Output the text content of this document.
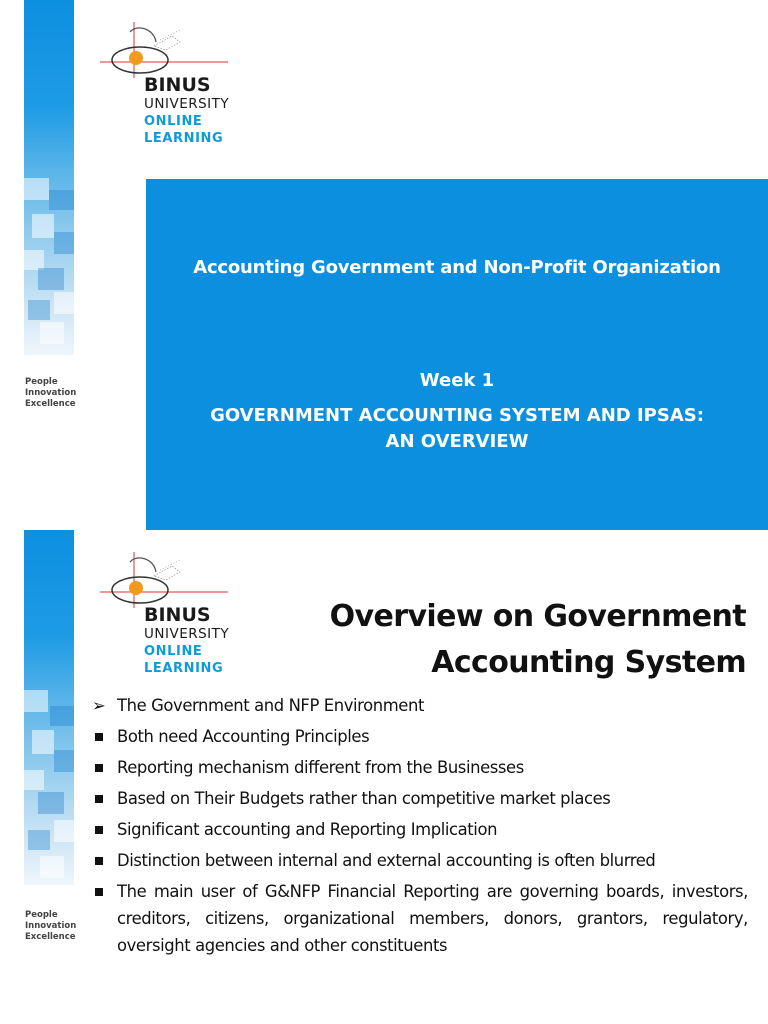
People
Innovation
Excellence
BINUS
UNIVERSITY
ONLINE
LEARNING
Accounting Government and Non-Profit Organization
Week 1
GOVERNMENT ACCOUNTING SYSTEM AND IPSAS:
AN OVERVIEW
People
Innovation
Excellence
BINUS
UNIVERSITY
ONLINE
LEARNING
Overview on Government
Accounting System
➢ The Government and NFP Environment
Both need Accounting Principles
Reporting mechanism different from the Businesses
Based on Their Budgets rather than competitive market places
Significant accounting and Reporting Implication
Distinction between internal and external accounting is often blurred
The main user of G&NFP Financial Reporting are governing boards, investors, creditors, citizens, organizational members, donors, grantors, regulatory, oversight agencies and other constituents
